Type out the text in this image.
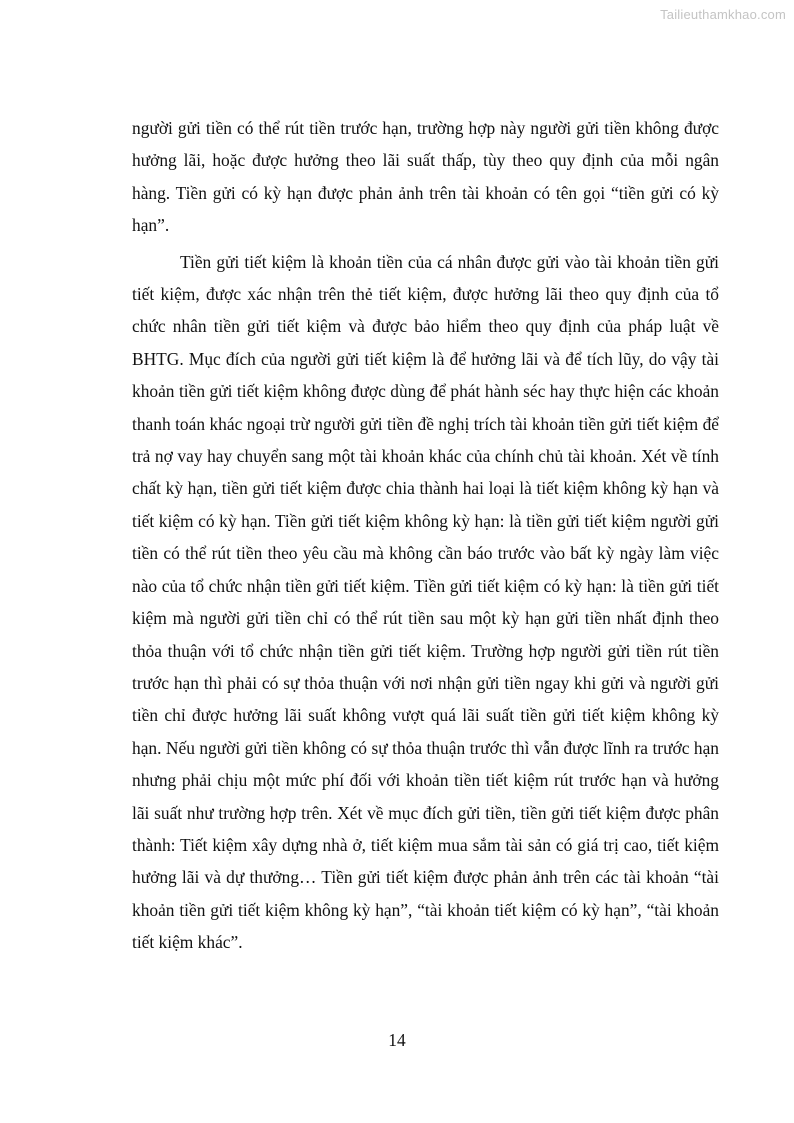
Tailieuthamkhao.com

người gửi tiền có thể rút tiền trước hạn, trường hợp này người gửi tiền không được hưởng lãi, hoặc được hưởng theo lãi suất thấp, tùy theo quy định của mỗi ngân hàng. Tiền gửi có kỳ hạn được phản ảnh trên tài khoản có tên gọi “tiền gửi có kỳ hạn”.

Tiền gửi tiết kiệm là khoản tiền của cá nhân được gửi vào tài khoản tiền gửi tiết kiệm, được xác nhận trên thẻ tiết kiệm, được hưởng lãi theo quy định của tổ chức nhân tiền gửi tiết kiệm và được bảo hiểm theo quy định của pháp luật về BHTG. Mục đích của người gửi tiết kiệm là để hưởng lãi và để tích lũy, do vậy tài khoản tiền gửi tiết kiệm không được dùng để phát hành séc hay thực hiện các khoản thanh toán khác ngoại trừ người gửi tiền đề nghị trích tài khoản tiền gửi tiết kiệm để trả nợ vay hay chuyển sang một tài khoản khác của chính chủ tài khoản. Xét về tính chất kỳ hạn, tiền gửi tiết kiệm được chia thành hai loại là tiết kiệm không kỳ hạn và tiết kiệm có kỳ hạn. Tiền gửi tiết kiệm không kỳ hạn: là tiền gửi tiết kiệm người gửi tiền có thể rút tiền theo yêu cầu mà không cần báo trước vào bất kỳ ngày làm việc nào của tổ chức nhận tiền gửi tiết kiệm. Tiền gửi tiết kiệm có kỳ hạn: là tiền gửi tiết kiệm mà người gửi tiền chỉ có thể rút tiền sau một kỳ hạn gửi tiền nhất định theo thỏa thuận với tổ chức nhận tiền gửi tiết kiệm. Trường hợp người gửi tiền rút tiền trước hạn thì phải có sự thỏa thuận với nơi nhận gửi tiền ngay khi gửi và người gửi tiền chỉ được hưởng lãi suất không vượt quá lãi suất tiền gửi tiết kiệm không kỳ hạn. Nếu người gửi tiền không có sự thỏa thuận trước thì vẫn được lĩnh ra trước hạn nhưng phải chịu một mức phí đối với khoản tiền tiết kiệm rút trước hạn và hưởng lãi suất như trường hợp trên. Xét về mục đích gửi tiền, tiền gửi tiết kiệm được phân thành: Tiết kiệm xây dựng nhà ở, tiết kiệm mua sắm tài sản có giá trị cao, tiết kiệm hưởng lãi và dự thưởng… Tiền gửi tiết kiệm được phản ảnh trên các tài khoản “tài khoản tiền gửi tiết kiệm không kỳ hạn”, “tài khoản tiết kiệm có kỳ hạn”, “tài khoản tiết kiệm khác”.

14
